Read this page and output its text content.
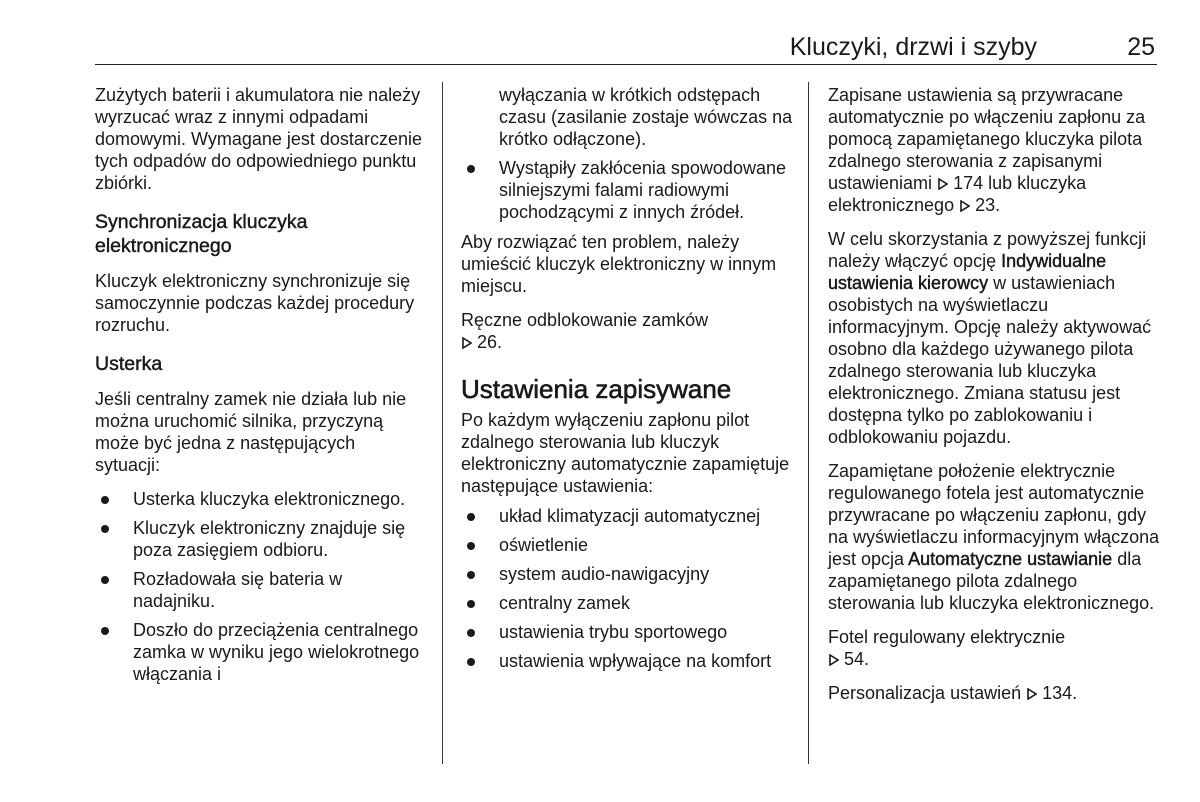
Kluczyki, drzwi i szyby	25

Zużytych baterii i akumulatora nie należy wyrzucać wraz z innymi odpadami domowymi. Wymagane jest dostarczenie tych odpadów do odpowiedniego punktu zbiórki.

Synchronizacja kluczyka elektronicznego

Kluczyk elektroniczny synchronizuje się samoczynnie podczas każdej procedury rozruchu.

Usterka

Jeśli centralny zamek nie działa lub nie można uruchomić silnika, przyczyną może być jedna z następujących sytuacji:

Usterka kluczyka elektronicznego.
Kluczyk elektroniczny znajduje się poza zasięgiem odbioru.
Rozładowała się bateria w nadajniku.
Doszło do przeciążenia centralnego zamka w wyniku jego wielokrotnego włączania i

wyłączania w krótkich odstępach czasu (zasilanie zostaje wówczas na krótko odłączone).

Wystąpiły zakłócenia spowodowane silniejszymi falami radiowymi pochodzącymi z innych źródeł.

Aby rozwiązać ten problem, należy umieścić kluczyk elektroniczny w innym miejscu.

Ręczne odblokowanie zamków

26.

Ustawienia zapisywane

Po każdym wyłączeniu zapłonu pilot zdalnego sterowania lub kluczyk elektroniczny automatycznie zapamiętuje następujące ustawienia:

układ klimatyzacji automatycznej
oświetlenie
system audio-nawigacyjny
centralny zamek
ustawienia trybu sportowego
ustawienia wpływające na komfort

Zapisane ustawienia są przywracane automatycznie po włączeniu zapłonu za pomocą zapamiętanego kluczyka pilota zdalnego sterowania z zapisanymi ustawieniami 174 lub kluczyka elektronicznego 23.

W celu skorzystania z powyższej funkcji należy włączyć opcję Indywidualne ustawienia kierowcy w ustawieniach osobistych na wyświetlaczu informacyjnym. Opcję należy aktywować osobno dla każdego używanego pilota zdalnego sterowania lub kluczyka elektronicznego. Zmiana statusu jest dostępna tylko po zablokowaniu i odblokowaniu pojazdu.

Zapamiętane położenie elektrycznie regulowanego fotela jest automatycznie przywracane po włączeniu zapłonu, gdy na wyświetlaczu informacyjnym włączona jest opcja Automatyczne ustawianie dla zapamiętanego pilota zdalnego sterowania lub kluczyka elektronicznego.

Fotel regulowany elektrycznie

54.

Personalizacja ustawień 134.
